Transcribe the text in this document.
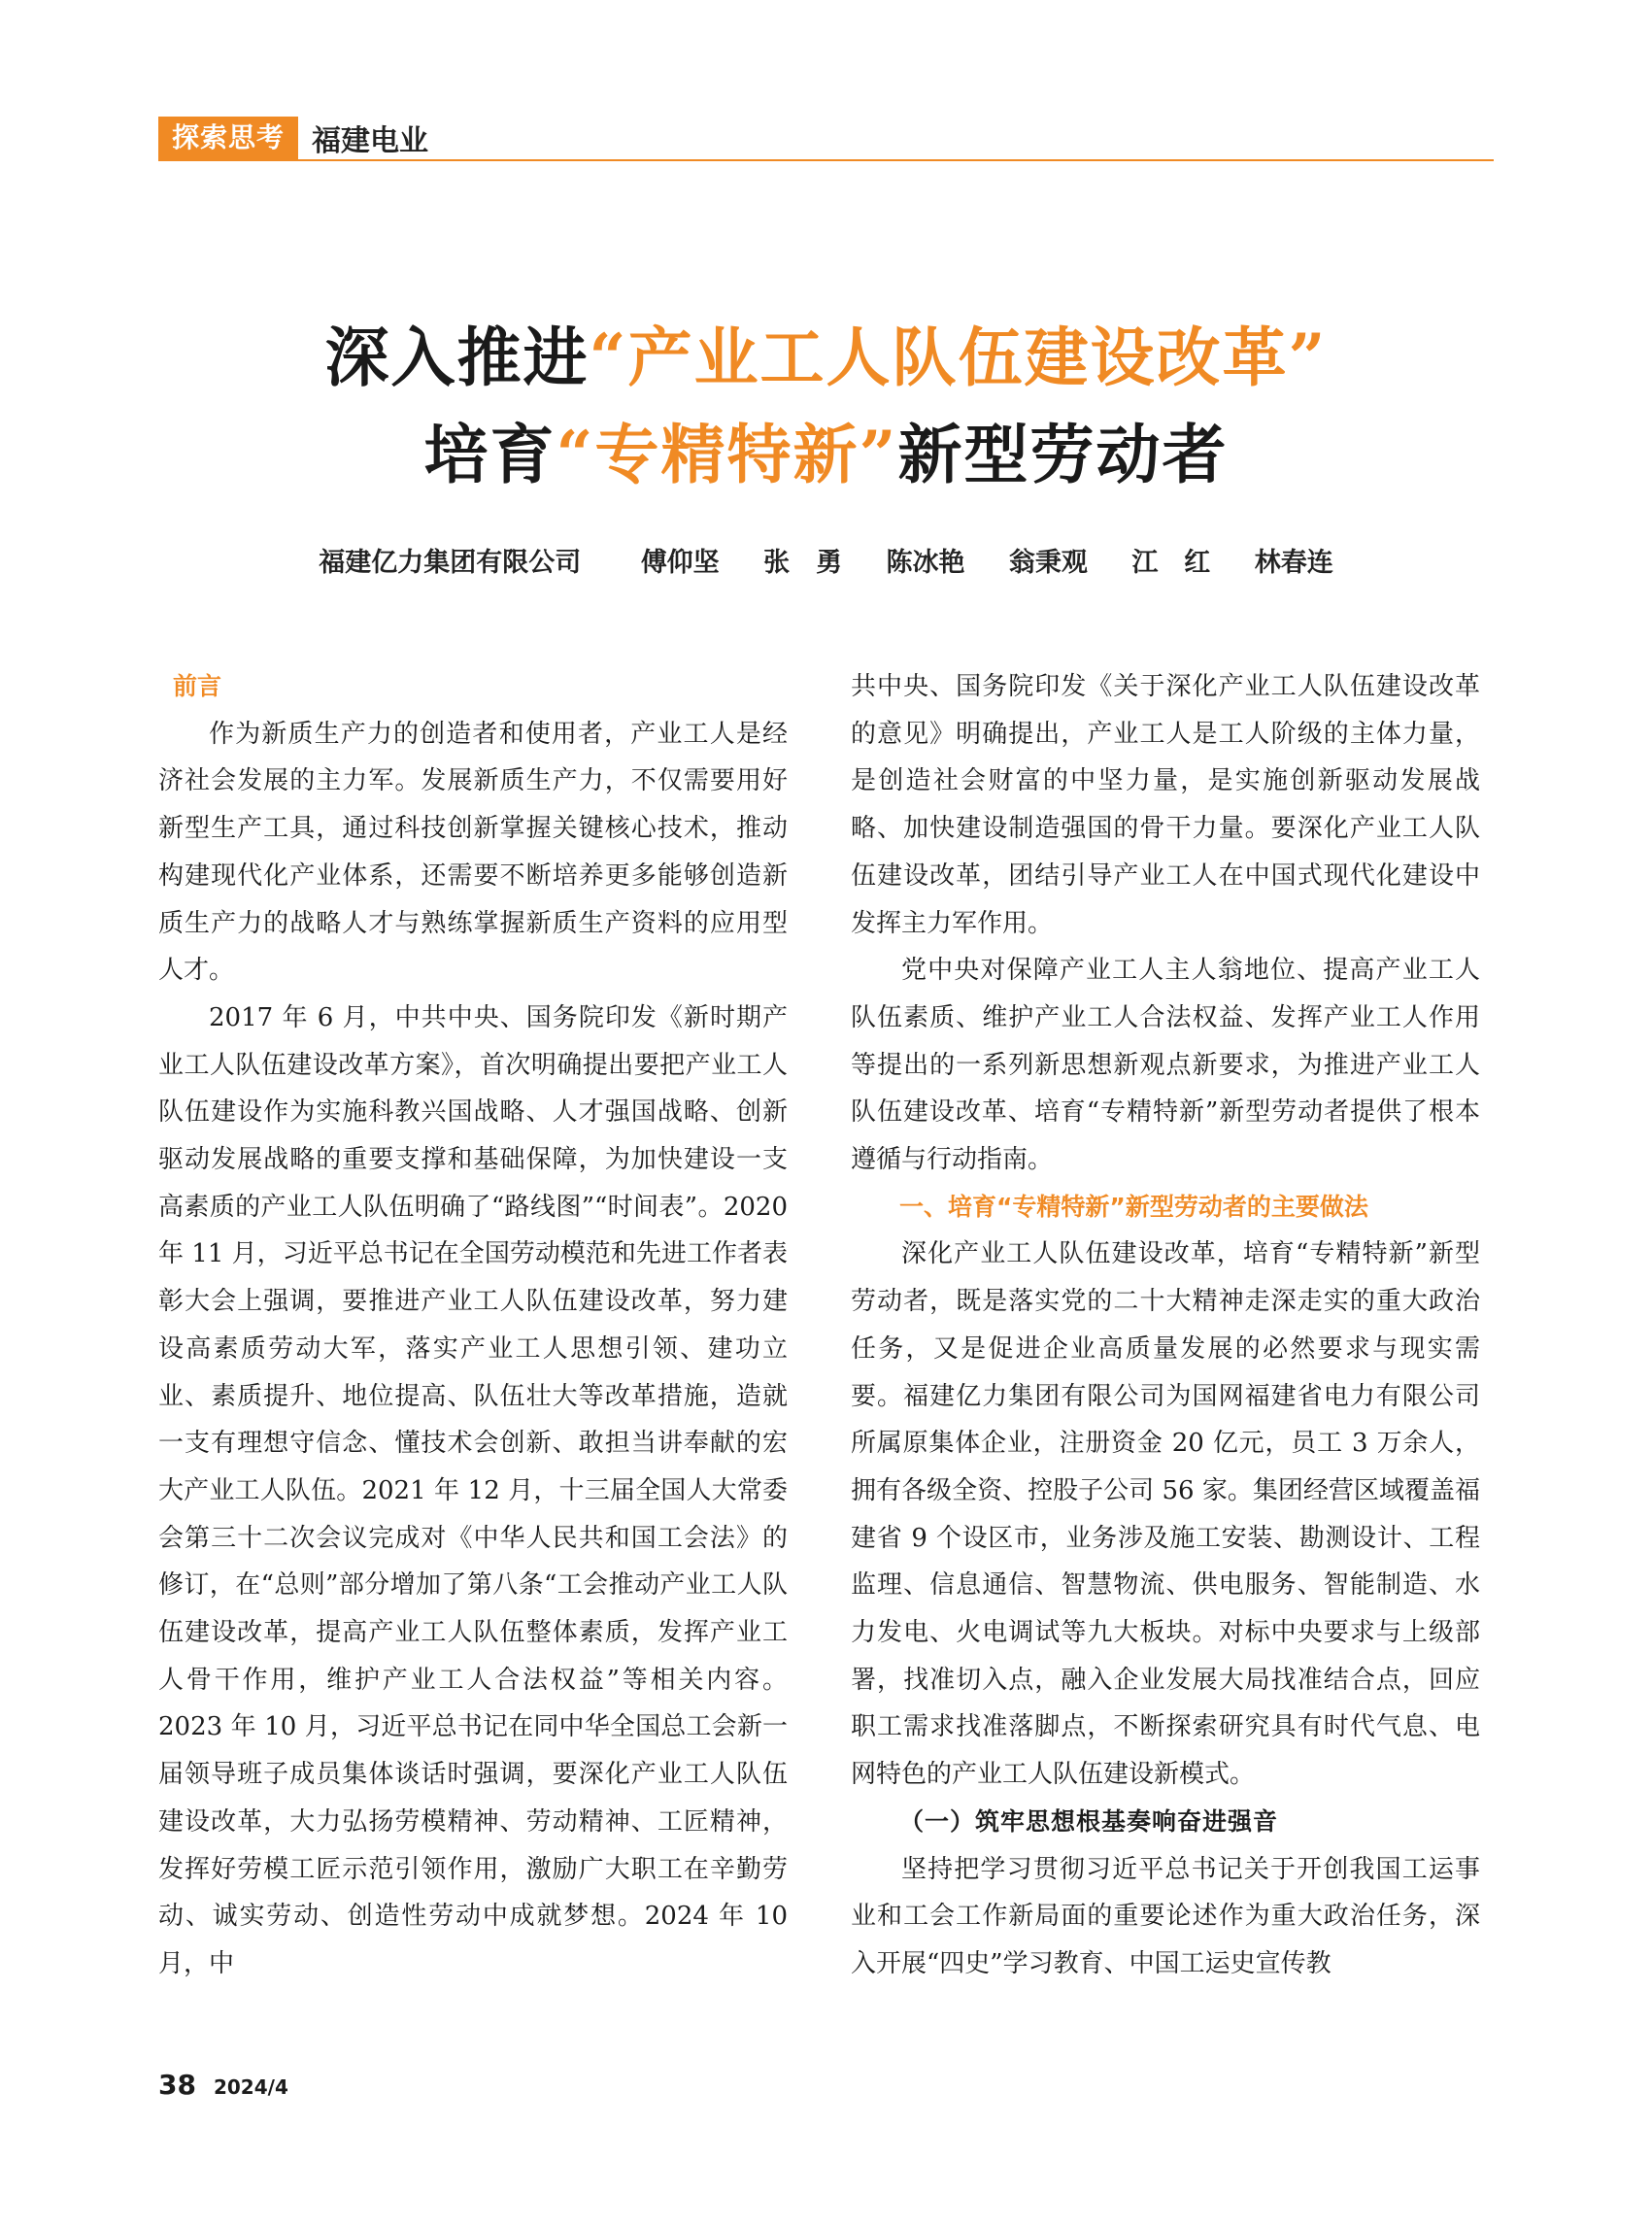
探索思考 福建电业
深入推进“产业工人队伍建设改革”
培育“专精特新”新型劳动者
福建亿力集团有限公司 傅仰坚 张　勇 陈冰艳 翁秉观 江　红 林春连
前言

作为新质生产力的创造者和使用者，产业工人是经济社会发展的主力军。发展新质生产力，不仅需要用好新型生产工具，通过科技创新掌握关键核心技术，推动构建现代化产业体系，还需要不断培养更多能够创造新质生产力的战略人才与熟练掌握新质生产资料的应用型人才。

2017 年 6 月，中共中央、国务院印发《新时期产业工人队伍建设改革方案》，首次明确提出要把产业工人队伍建设作为实施科教兴国战略、人才强国战略、创新驱动发展战略的重要支撑和基础保障，为加快建设一支高素质的产业工人队伍明确了“路线图”“时间表”。2020 年 11 月，习近平总书记在全国劳动模范和先进工作者表彰大会上强调，要推进产业工人队伍建设改革，努力建设高素质劳动大军，落实产业工人思想引领、建功立业、素质提升、地位提高、队伍壮大等改革措施，造就一支有理想守信念、懂技术会创新、敢担当讲奉献的宏大产业工人队伍。2021 年 12 月，十三届全国人大常委会第三十二次会议完成对《中华人民共和国工会法》的修订，在“总则”部分增加了第八条“工会推动产业工人队伍建设改革，提高产业工人队伍整体素质，发挥产业工人骨干作用，维护产业工人合法权益”等相关内容。2023 年 10 月，习近平总书记在同中华全国总工会新一届领导班子成员集体谈话时强调，要深化产业工人队伍建设改革，大力弘扬劳模精神、劳动精神、工匠精神，发挥好劳模工匠示范引领作用，激励广大职工在辛勤劳动、诚实劳动、创造性劳动中成就梦想。2024 年 10 月，中

共中央、国务院印发《关于深化产业工人队伍建设改革的意见》明确提出，产业工人是工人阶级的主体力量，是创造社会财富的中坚力量，是实施创新驱动发展战略、加快建设制造强国的骨干力量。要深化产业工人队伍建设改革，团结引导产业工人在中国式现代化建设中发挥主力军作用。

党中央对保障产业工人主人翁地位、提高产业工人队伍素质、维护产业工人合法权益、发挥产业工人作用等提出的一系列新思想新观点新要求，为推进产业工人队伍建设改革、培育“专精特新”新型劳动者提供了根本遵循与行动指南。

一、培育“专精特新”新型劳动者的主要做法

深化产业工人队伍建设改革，培育“专精特新”新型劳动者，既是落实党的二十大精神走深走实的重大政治任务，又是促进企业高质量发展的必然要求与现实需要。福建亿力集团有限公司为国网福建省电力有限公司所属原集体企业，注册资金 20 亿元，员工 3 万余人，拥有各级全资、控股子公司 56 家。集团经营区域覆盖福建省 9 个设区市，业务涉及施工安装、勘测设计、工程监理、信息通信、智慧物流、供电服务、智能制造、水力发电、火电调试等九大板块。对标中央要求与上级部署，找准切入点，融入企业发展大局找准结合点，回应职工需求找准落脚点，不断探索研究具有时代气息、电网特色的产业工人队伍建设新模式。

（一）筑牢思想根基奏响奋进强音

坚持把学习贯彻习近平总书记关于开创我国工运事业和工会工作新局面的重要论述作为重大政治任务，深入开展“四史”学习教育、中国工运史宣传教

38 2024/4
